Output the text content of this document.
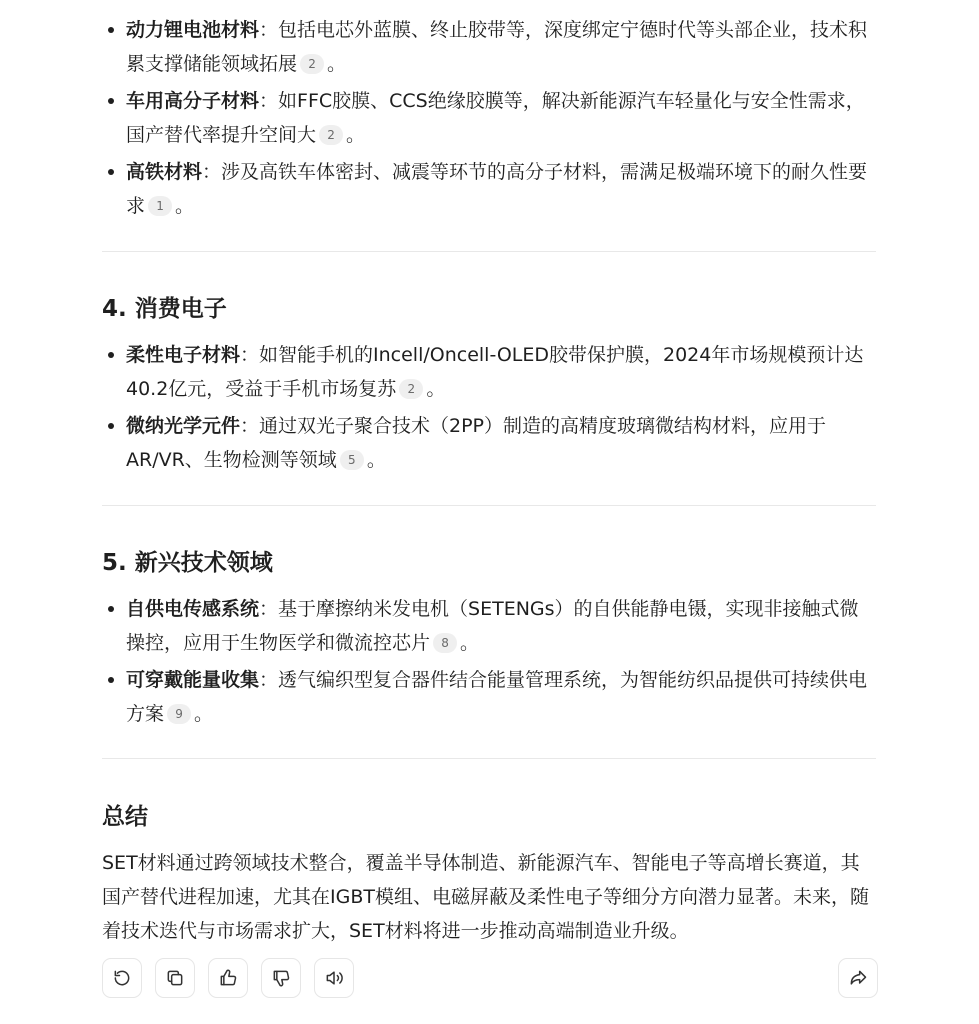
动力锂电池材料：包括电芯外蓝膜、终止胶带等，深度绑定宁德时代等头部企业，技术积累支撑储能领域拓展 2 。
车用高分子材料：如FFC胶膜、CCS绝缘胶膜等，解决新能源汽车轻量化与安全性需求，国产替代率提升空间大 2 。
高铁材料：涉及高铁车体密封、减震等环节的高分子材料，需满足极端环境下的耐久性要求 1 。
4. 消费电子
柔性电子材料：如智能手机的Incell/Oncell-OLED胶带保护膜，2024年市场规模预计达40.2亿元，受益于手机市场复苏 2 。
微纳光学元件：通过双光子聚合技术（2PP）制造的高精度玻璃微结构材料，应用于AR/VR、生物检测等领域 5 。
5. 新兴技术领域
自供电传感系统：基于摩擦纳米发电机（SETENGs）的自供能静电镊，实现非接触式微操控，应用于生物医学和微流控芯片 8 。
可穿戴能量收集：透气编织型复合器件结合能量管理系统，为智能纺织品提供可持续供电方案 9 。
总结

SET材料通过跨领域技术整合，覆盖半导体制造、新能源汽车、智能电子等高增长赛道，其国产替代进程加速，尤其在IGBT模组、电磁屏蔽及柔性电子等细分方向潜力显著。未来，随着技术迭代与市场需求扩大，SET材料将进一步推动高端制造业升级。
